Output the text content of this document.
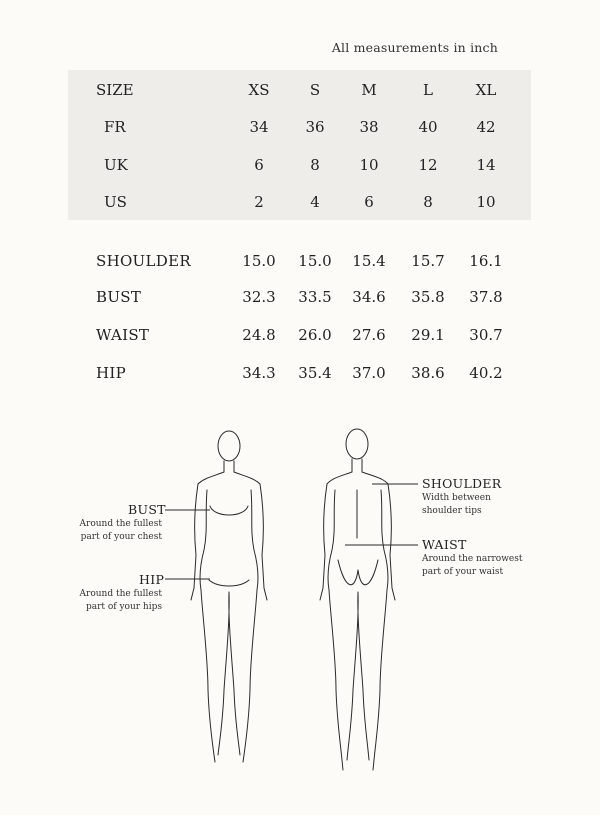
All measurements in inch
SIZE	XS	S	M	L	XL
FR	34	36	38	40	42
UK	6	8	10	12	14
US	2	4	6	8	10
SHOULDER	15.0 15.0 15.4 15.7 16.1
BUST	32.3 33.5 34.6 35.8 37.8
WAIST	24.8 26.0 27.6 29.1 30.7
HIP	34.3 35.4 37.0 38.6 40.2
BUST
Around the fullest
part of your chest
HIP
Around the fullest
part of your hips
SHOULDER
Width between
shoulder tips
WAIST
Around the narrowest
part of your waist
